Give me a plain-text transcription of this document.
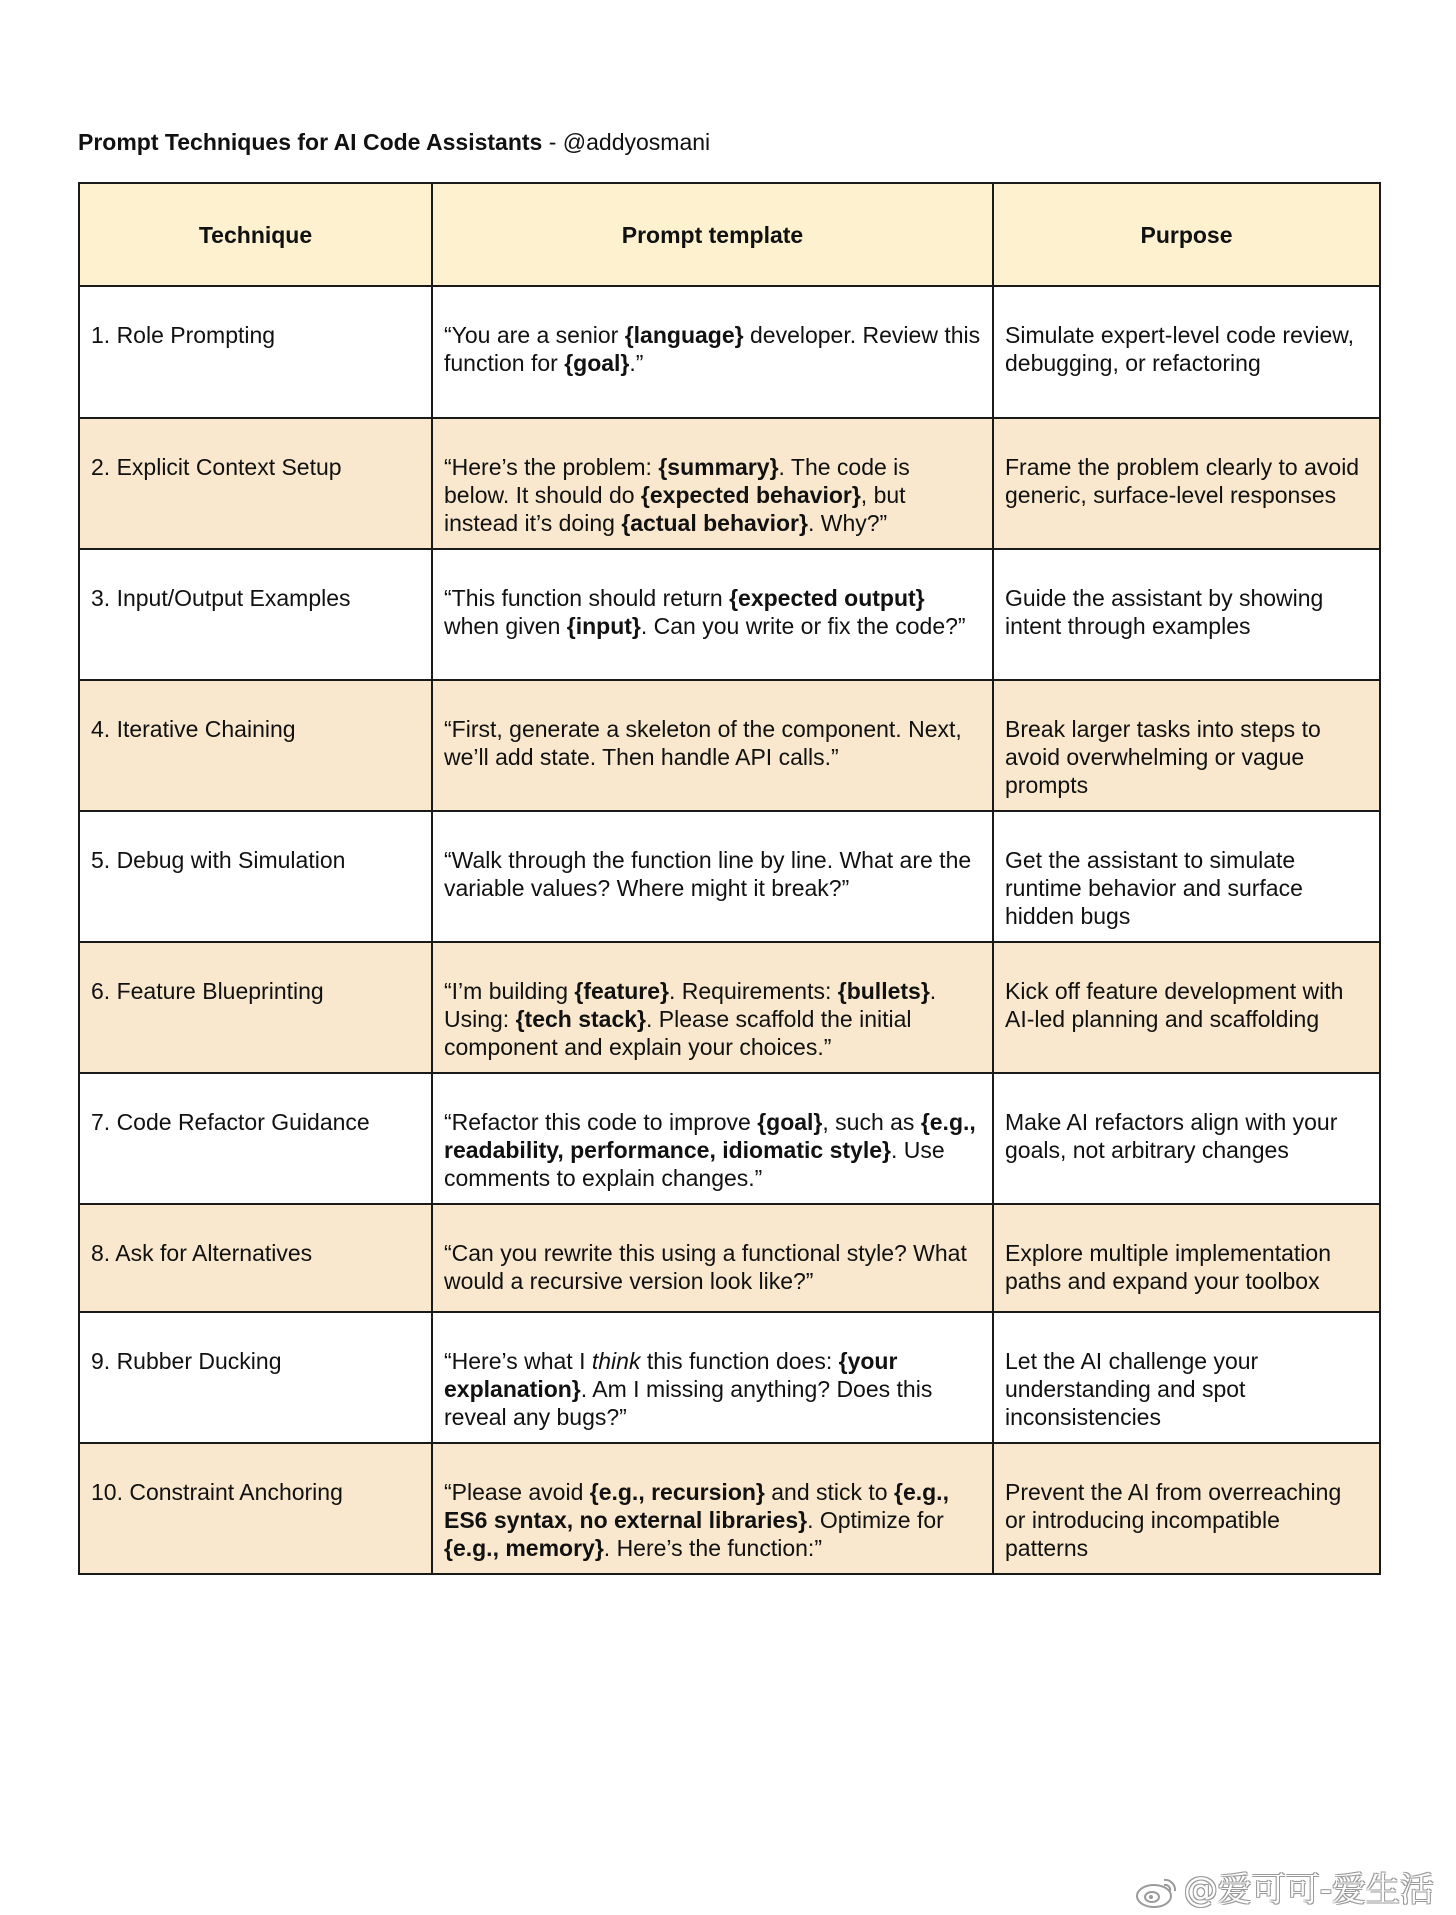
Prompt Techniques for AI Code Assistants - @addyosmani
Technique	Prompt template	Purpose
1. Role Prompting	“You are a senior {language} developer. Review this function for {goal}.”	Simulate expert-level code review, debugging, or refactoring
2. Explicit Context Setup	“Here’s the problem: {summary}. The code is below. It should do {expected behavior}, but instead it’s doing {actual behavior}. Why?”	Frame the problem clearly to avoid generic, surface-level responses
3. Input/Output Examples	“This function should return {expected output} when given {input}. Can you write or fix the code?”	Guide the assistant by showing intent through examples
4. Iterative Chaining	“First, generate a skeleton of the component. Next, we’ll add state. Then handle API calls.”	Break larger tasks into steps to avoid overwhelming or vague prompts
5. Debug with Simulation	“Walk through the function line by line. What are the variable values? Where might it break?”	Get the assistant to simulate runtime behavior and surface hidden bugs
6. Feature Blueprinting	“I’m building {feature}. Requirements: {bullets}. Using: {tech stack}. Please scaffold the initial component and explain your choices.”	Kick off feature development with AI-led planning and scaffolding
7. Code Refactor Guidance	“Refactor this code to improve {goal}, such as {e.g., readability, performance, idiomatic style}. Use comments to explain changes.”	Make AI refactors align with your goals, not arbitrary changes
8. Ask for Alternatives	“Can you rewrite this using a functional style? What would a recursive version look like?”	Explore multiple implementation paths and expand your toolbox
9. Rubber Ducking	“Here’s what I think this function does: {your explanation}. Am I missing anything? Does this reveal any bugs?”	Let the AI challenge your understanding and spot inconsistencies
10. Constraint Anchoring	“Please avoid {e.g., recursion} and stick to {e.g., ES6 syntax, no external libraries}. Optimize for {e.g., memory}. Here’s the function:”	Prevent the AI from overreaching or introducing incompatible patterns
@爱可可-爱生活
